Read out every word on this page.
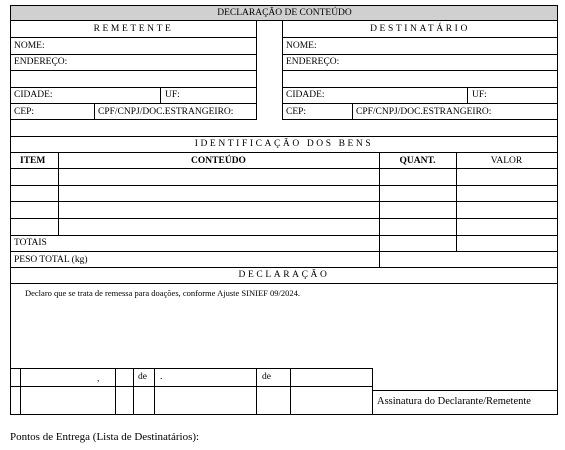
DECLARAÇÃO DE CONTEÚDO
REMETENTE
NOME:
ENDEREÇO:
CIDADE:	UF:
CEP:	CPF/CNPJ/DOC.ESTRANGEIRO:
DESTINATÁRIO
NOME:
ENDEREÇO:
CIDADE:	UF:
CEP:	CPF/CNPJ/DOC.ESTRANGEIRO:
IDENTIFICAÇÃO DOS BENS
ITEM	CONTEÚDO	QUANT.	VALOR
TOTAIS
PESO TOTAL (kg)
DECLARAÇÃO
Declaro que se trata de remessa para doações, conforme Ajuste SINIEF 09/2024.
,	de .	de
Assinatura do Declarante/Remetente
Pontos de Entrega (Lista de Destinatários):
